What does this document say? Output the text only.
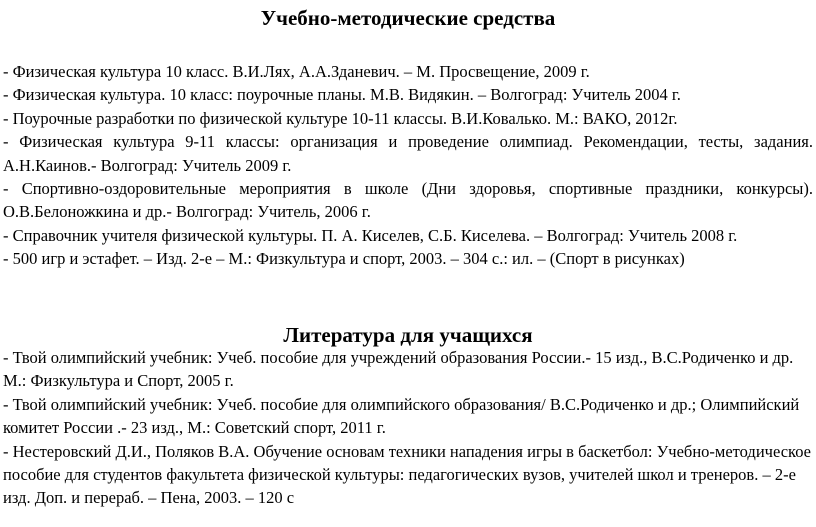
Учебно-методические средства
- Физическая культура 10 класс. В.И.Лях, А.А.Зданевич. – М. Просвещение, 2009 г.
- Физическая культура. 10 класс: поурочные планы. М.В. Видякин. – Волгоград: Учитель 2004 г.
- Поурочные разработки по физической культуре 10-11 классы. В.И.Ковалько. М.: ВАКО, 2012г.
- Физическая культура 9-11 классы: организация и проведение олимпиад. Рекомендации, тесты, задания. А.Н.Каинов.- Волгоград: Учитель 2009 г.
- Спортивно-оздоровительные мероприятия в школе (Дни здоровья, спортивные праздники, конкурсы). О.В.Белоножкина и др.- Волгоград: Учитель, 2006 г.
- Справочник учителя физической культуры. П. А. Киселев, С.Б. Киселева. – Волгоград: Учитель 2008 г.
- 500 игр и эстафет. – Изд. 2-е – М.: Физкультура и спорт, 2003. – 304 с.: ил. – (Спорт в рисунках)
Литература для учащихся
- Твой олимпийский учебник: Учеб. пособие для учреждений образования России.- 15 изд., В.С.Родиченко и др. М.: Физкультура и Спорт, 2005 г.
- Твой олимпийский учебник: Учеб. пособие для олимпийского образования/ В.С.Родиченко и др.; Олимпийский комитет России .- 23 изд., М.: Советский спорт, 2011 г.
- Нестеровский Д.И., Поляков В.А. Обучение основам техники нападения игры в баскетбол: Учебно-методическое пособие для студентов факультета физической культуры: педагогических вузов, учителей школ и тренеров. – 2-е изд. Доп. и перераб. – Пена, 2003. – 120 с
